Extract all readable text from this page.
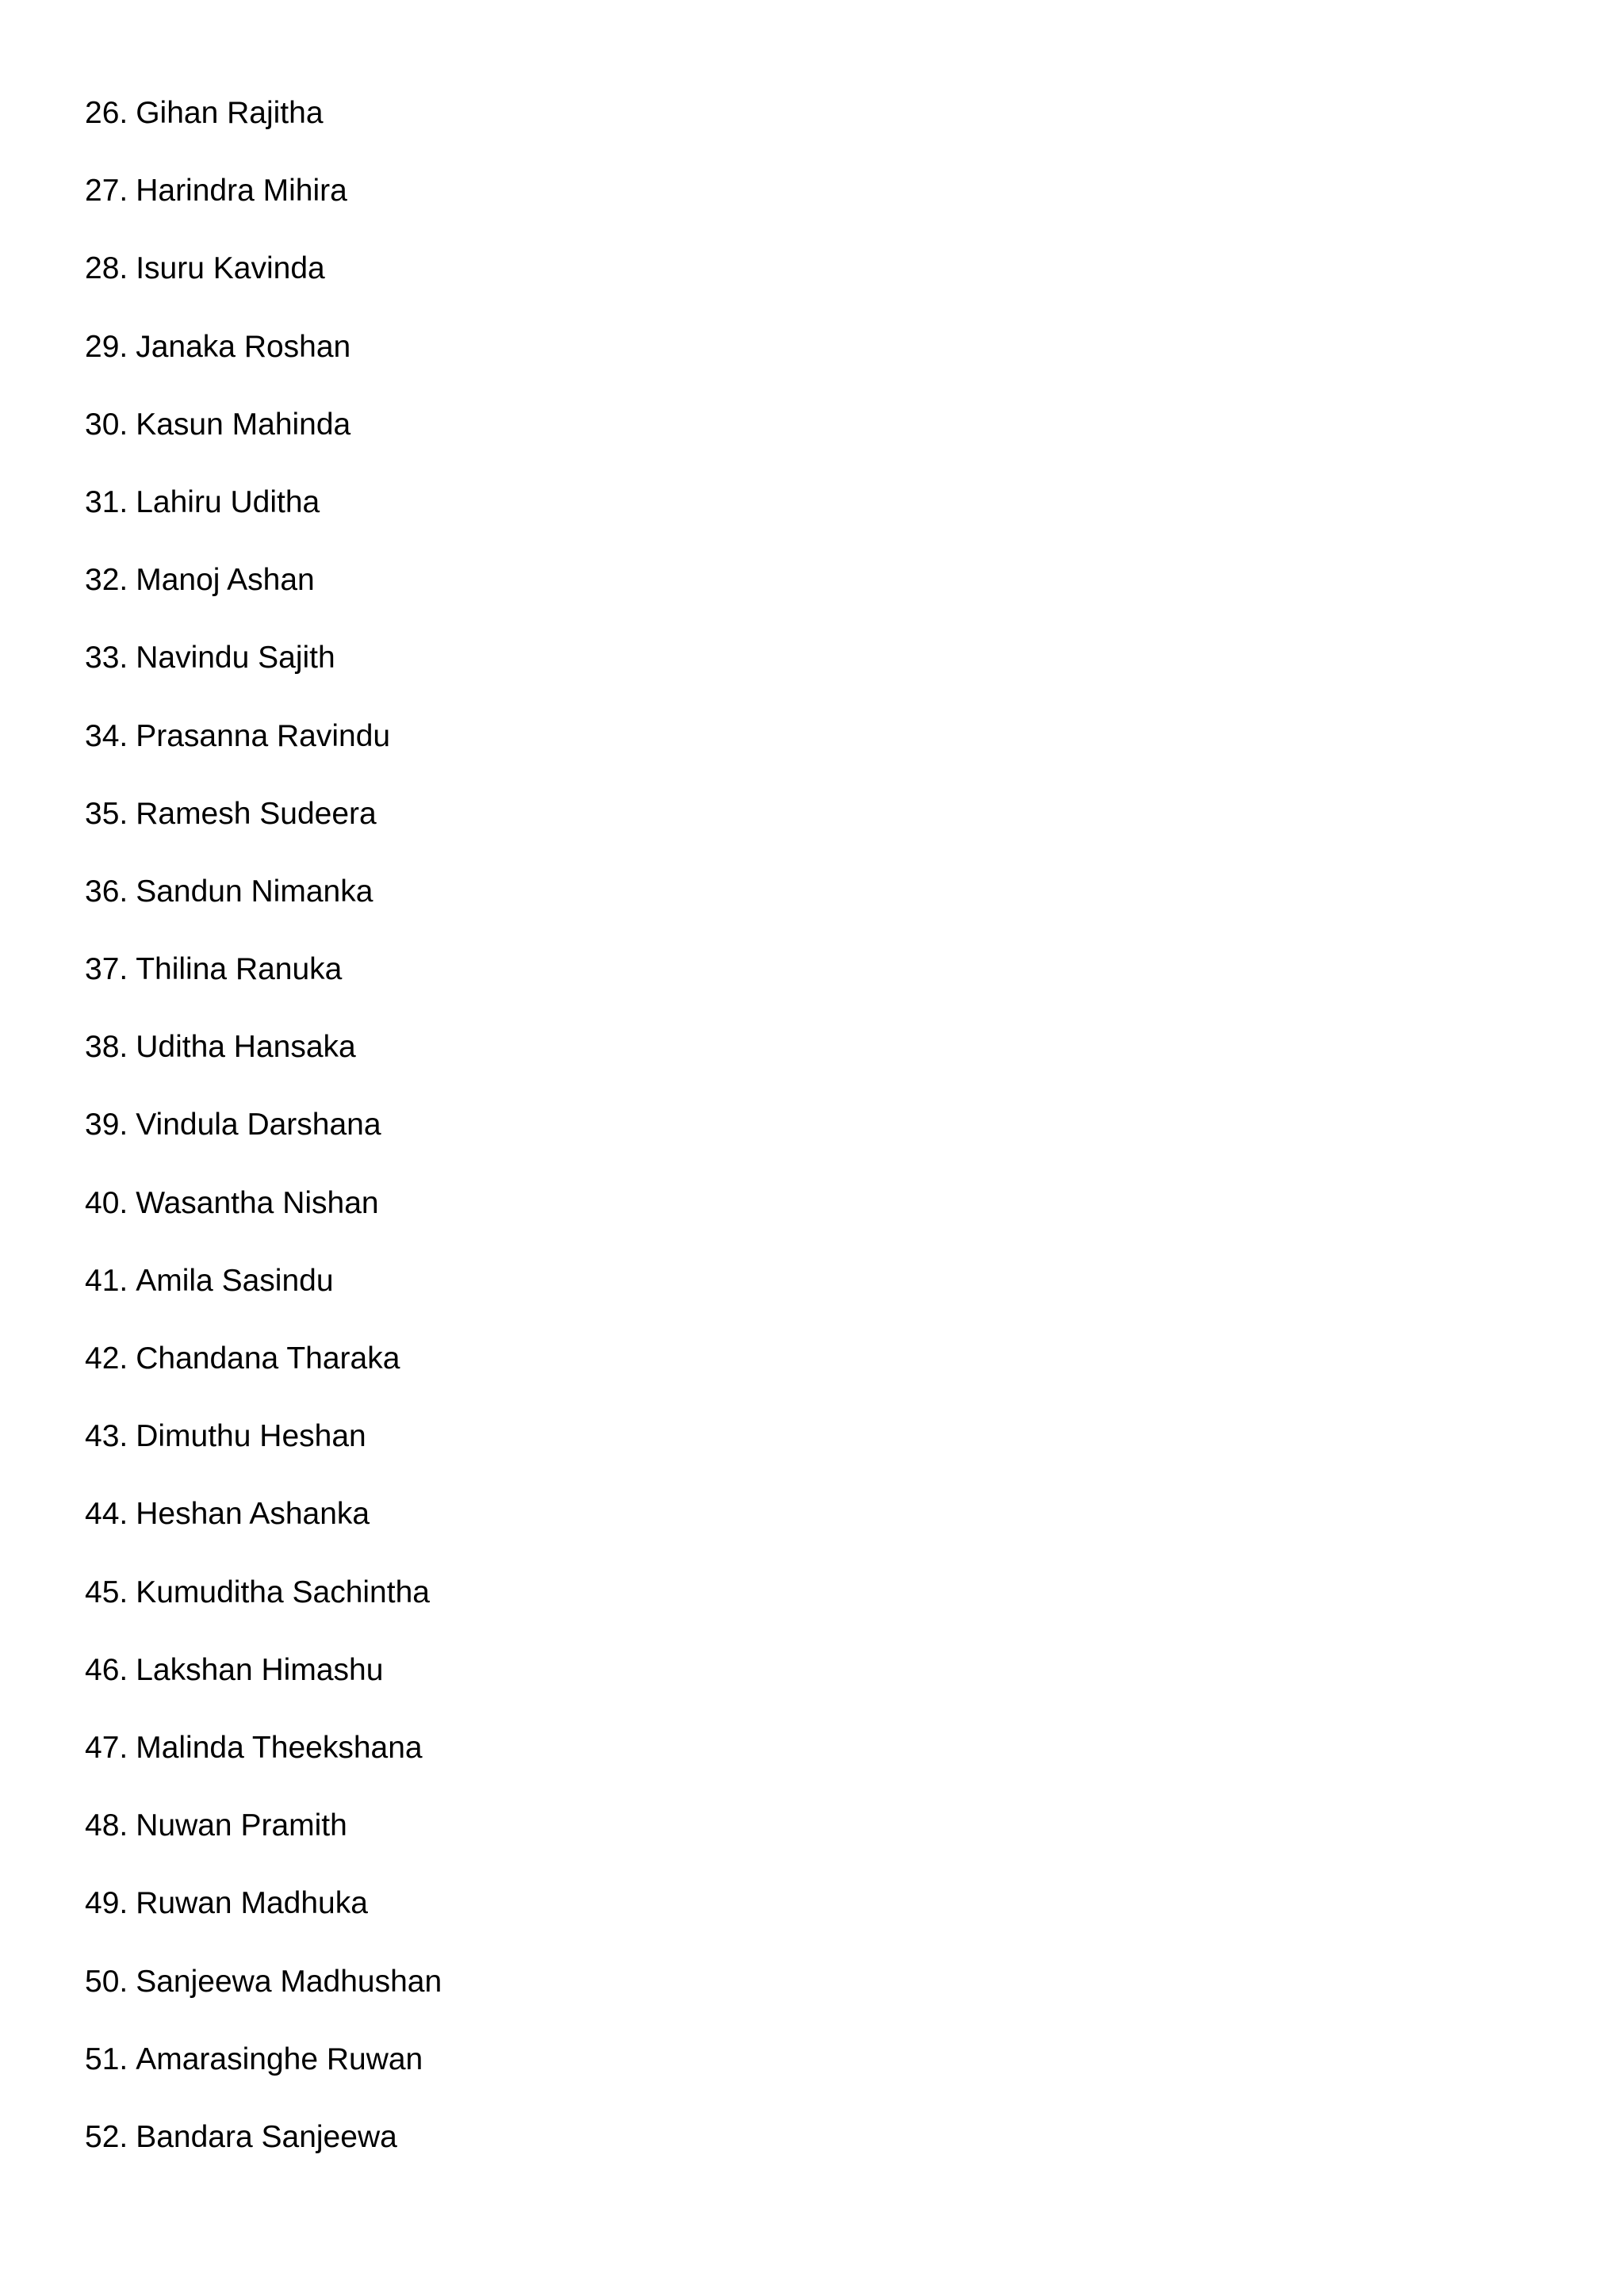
26. Gihan Rajitha
27. Harindra Mihira
28. Isuru Kavinda
29. Janaka Roshan
30. Kasun Mahinda
31. Lahiru Uditha
32. Manoj Ashan
33. Navindu Sajith
34. Prasanna Ravindu
35. Ramesh Sudeera
36. Sandun Nimanka
37. Thilina Ranuka
38. Uditha Hansaka
39. Vindula Darshana
40. Wasantha Nishan
41. Amila Sasindu
42. Chandana Tharaka
43. Dimuthu Heshan
44. Heshan Ashanka
45. Kumuditha Sachintha
46. Lakshan Himashu
47. Malinda Theekshana
48. Nuwan Pramith
49. Ruwan Madhuka
50. Sanjeewa Madhushan
51. Amarasinghe Ruwan
52. Bandara Sanjeewa
